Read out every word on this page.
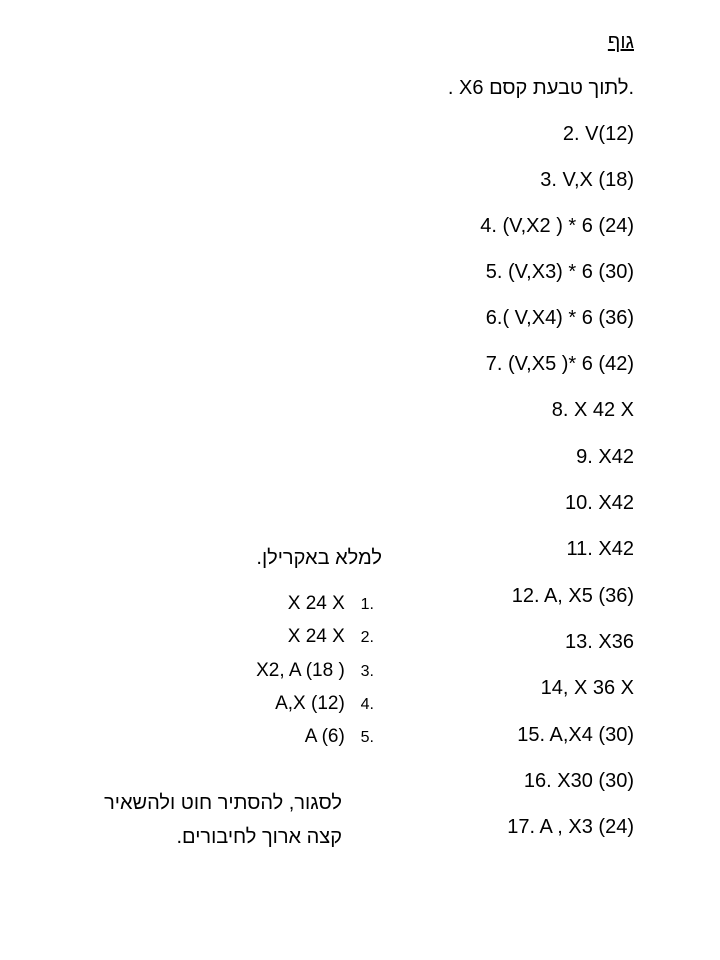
גוף
. X6 לתוך טבעת קסם.
2. V(12)
3. V,X (18)
4. (V,X2 ) * 6 (24)
5. (V,X3) * 6 (30)
6.( V,X4) * 6 (36)
7. (V,X5 )* 6 (42)
8. X 42 X
9. X42
10. X42
11. X42
12. A, X5 (36)
13. X36
14, X 36 X
15. A,X4 (30)
16. X30 (30)
17. A , X3 (24)
למלא באקרילן.
X 24 X 1.
X 24 X 2.
X2, A (18 ) 3.
A,X (12) 4.
A (6) 5.
לסגור, להסתיר חוט ולהשאיר
קצה ארוך לחיבורים.
